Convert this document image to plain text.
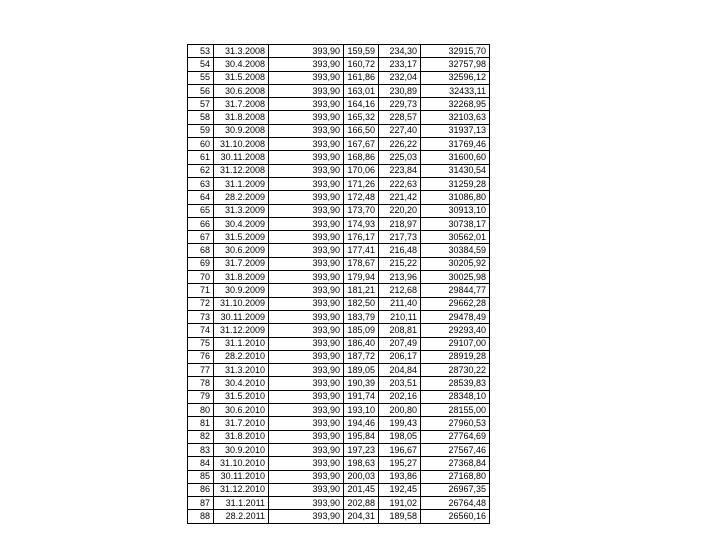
53	31.3.2008	393,90	159,59	234,30	32915,70
54	30.4.2008	393,90	160,72	233,17	32757,98
55	31.5.2008	393,90	161,86	232,04	32596,12
56	30.6.2008	393,90	163,01	230,89	32433,11
57	31.7.2008	393,90	164,16	229,73	32268,95
58	31.8.2008	393,90	165,32	228,57	32103,63
59	30.9.2008	393,90	166,50	227,40	31937,13
60	31.10.2008	393,90	167,67	226,22	31769,46
61	30.11.2008	393,90	168,86	225,03	31600,60
62	31.12.2008	393,90	170,06	223,84	31430,54
63	31.1.2009	393,90	171,26	222,63	31259,28
64	28.2.2009	393,90	172,48	221,42	31086,80
65	31.3.2009	393,90	173,70	220,20	30913,10
66	30.4.2009	393,90	174,93	218,97	30738,17
67	31.5.2009	393,90	176,17	217,73	30562,01
68	30.6.2009	393,90	177,41	216,48	30384,59
69	31.7.2009	393,90	178,67	215,22	30205,92
70	31.8.2009	393,90	179,94	213,96	30025,98
71	30.9.2009	393,90	181,21	212,68	29844,77
72	31.10.2009	393,90	182,50	211,40	29662,28
73	30.11.2009	393,90	183,79	210,11	29478,49
74	31.12.2009	393,90	185,09	208,81	29293,40
75	31.1.2010	393,90	186,40	207,49	29107,00
76	28.2.2010	393,90	187,72	206,17	28919,28
77	31.3.2010	393,90	189,05	204,84	28730,22
78	30.4.2010	393,90	190,39	203,51	28539,83
79	31.5.2010	393,90	191,74	202,16	28348,10
80	30.6.2010	393,90	193,10	200,80	28155,00
81	31.7.2010	393,90	194,46	199,43	27960,53
82	31.8.2010	393,90	195,84	198,05	27764,69
83	30.9.2010	393,90	197,23	196,67	27567,46
84	31.10.2010	393,90	198,63	195,27	27368,84
85	30.11.2010	393,90	200,03	193,86	27168,80
86	31.12.2010	393,90	201,45	192,45	26967,35
87	31.1.2011	393,90	202,88	191,02	26764,48
88	28.2.2011	393,90	204,31	189,58	26560,16
